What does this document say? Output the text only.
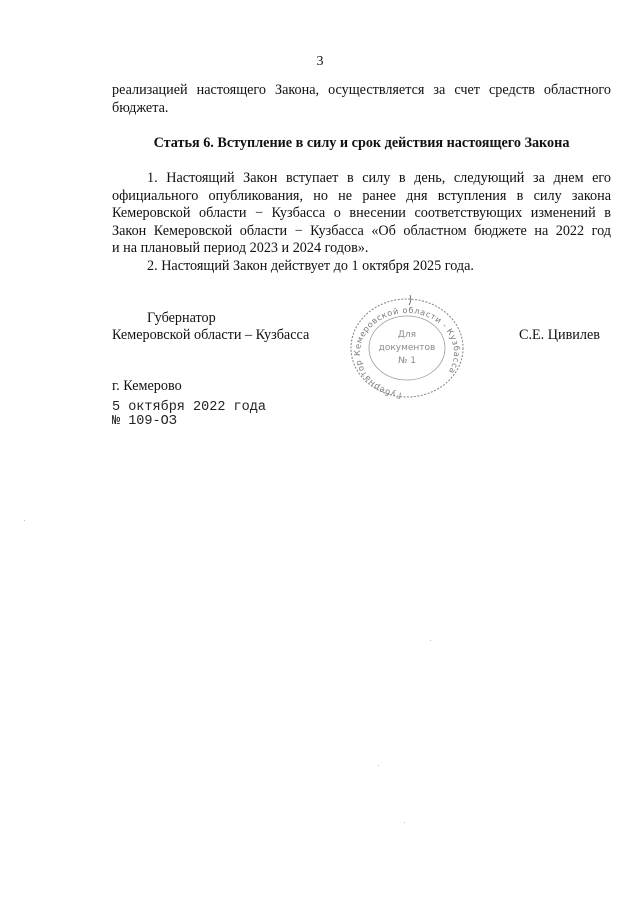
3

реализацией настоящего Закона, осуществляется за счет средств областного
бюджета.

Статья 6. Вступление в силу и срок действия настоящего Закона

1. Настоящий Закон вступает в силу в день, следующий за днем его
официального опубликования, но не ранее дня вступления в силу закона
Кемеровской области − Кузбасса о внесении соответствующих изменений в
Закон Кемеровской области − Кузбасса «Об областном бюджете на 2022 год
и на плановый период 2023 и 2024 годов».

2. Настоящий Закон действует до 1 октября 2025 года.
Губернатор
Кемеровской области – Кузбасса
Губернатор Кемеровской области - Кузбасса
Для
документов
№ 1
С.Е. Цивилев
г. Кемерово
5 октября 2022 года
№ 109-ОЗ
